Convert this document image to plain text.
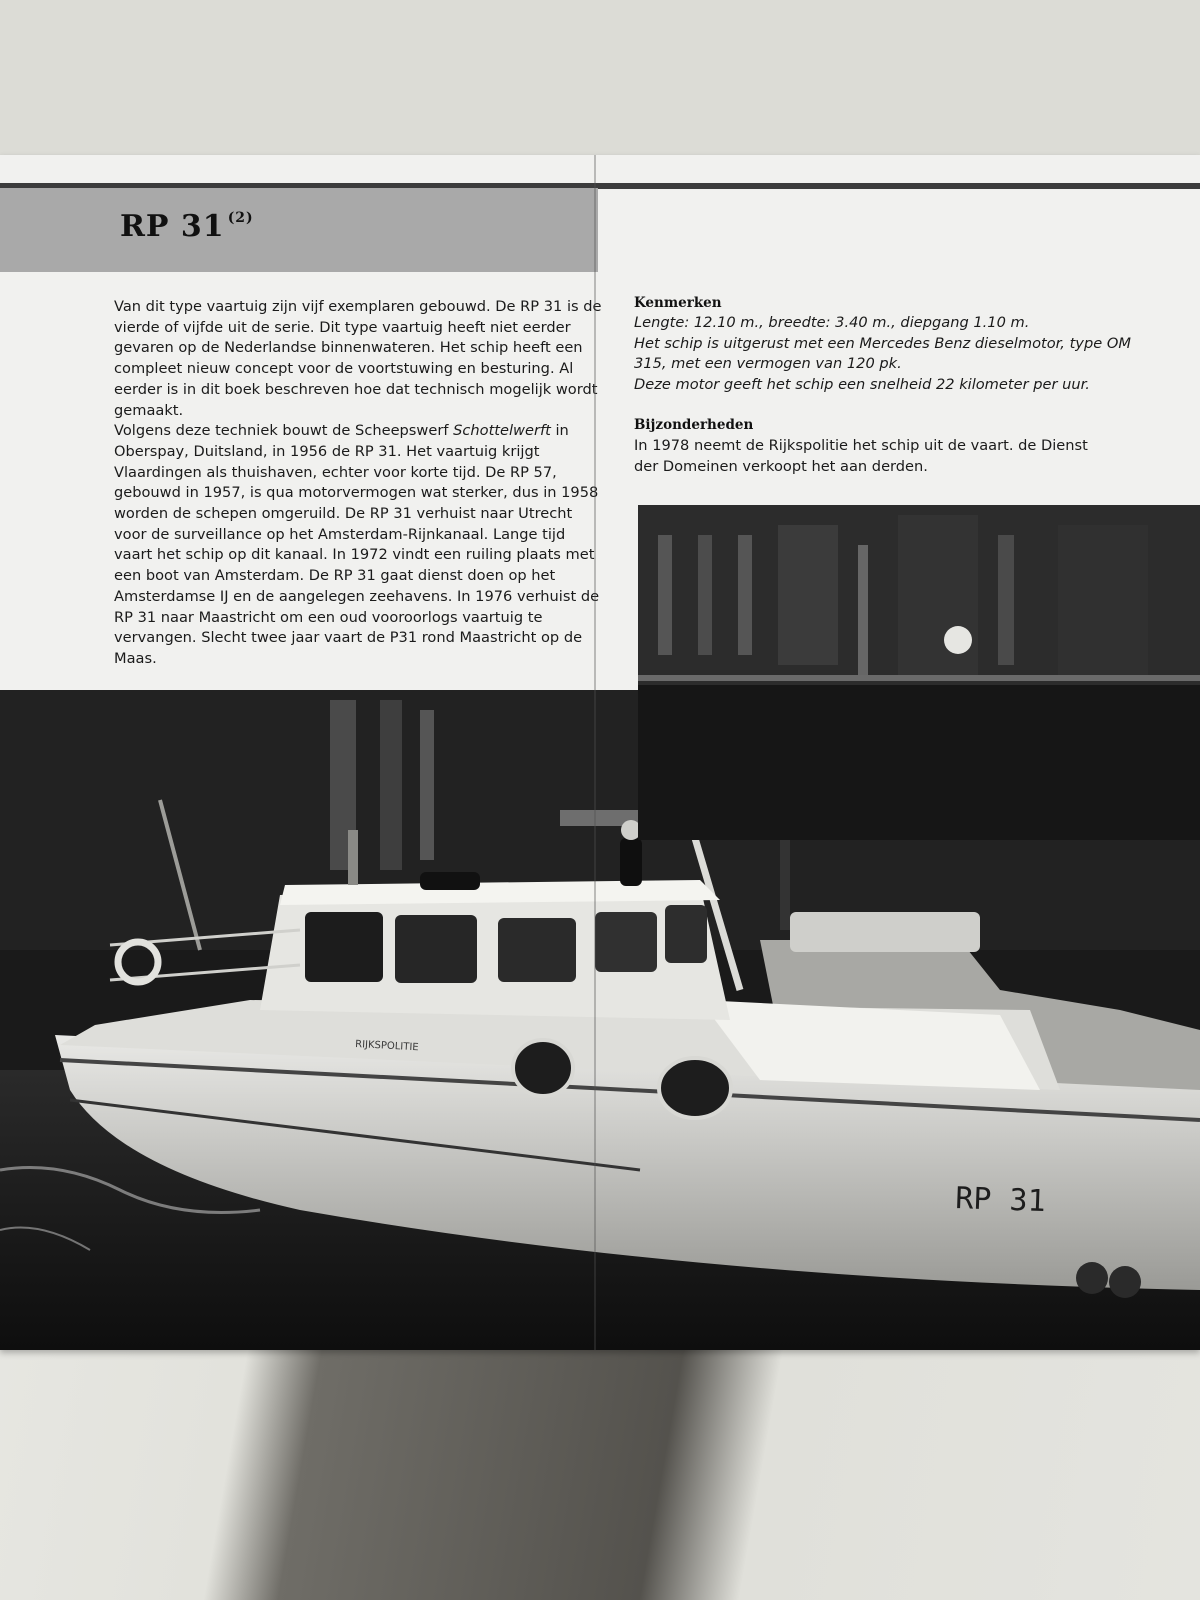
RP 31 $^{(2)}$

Van dit type vaartuig zijn vijf exemplaren gebouwd. De RP 31 is de vierde of vijfde uit de serie. Dit type vaartuig heeft niet eerder gevaren op de Nederlandse binnenwateren. Het schip heeft een compleet nieuw concept voor de voortstuwing en besturing. Al eerder is in dit boek beschreven hoe dat technisch mogelijk wordt gemaakt.

Volgens deze techniek bouwt de Scheepswerf Schottelwerft in Oberspay, Duitsland, in 1956 de RP 31. Het vaartuig krijgt Vlaardingen als thuishaven, echter voor korte tijd. De RP 57, gebouwd in 1957, is qua motorvermogen wat sterker, dus in 1958 worden de schepen omgeruild. De RP 31 verhuist naar Utrecht voor de surveillance op het Amsterdam-Rijnkanaal. Lange tijd vaart het schip op dit kanaal. In 1972 vindt een ruiling plaats met een boot van Amsterdam. De RP 31 gaat dienst doen op het Amsterdamse IJ en de aangelegen zeehavens. In 1976 verhuist de RP 31 naar Maastricht om een oud vooroorlogs vaartuig te vervangen. Slecht twee jaar vaart de P31 rond Maastricht op de Maas.

Kenmerken
Lengte: 12.10 m., breedte: 3.40 m., diepgang 1.10 m.
Het schip is uitgerust met een Mercedes Benz dieselmotor, type OM 315, met een vermogen van 120 pk.
Deze motor geeft het schip een snelheid 22 kilometer per uur.
Bijzonderheden

In 1978 neemt de Rijkspolitie het schip uit de vaart. de Dienst der Domeinen verkoopt het aan derden.

RIJKSPOLITIE
RP 31
